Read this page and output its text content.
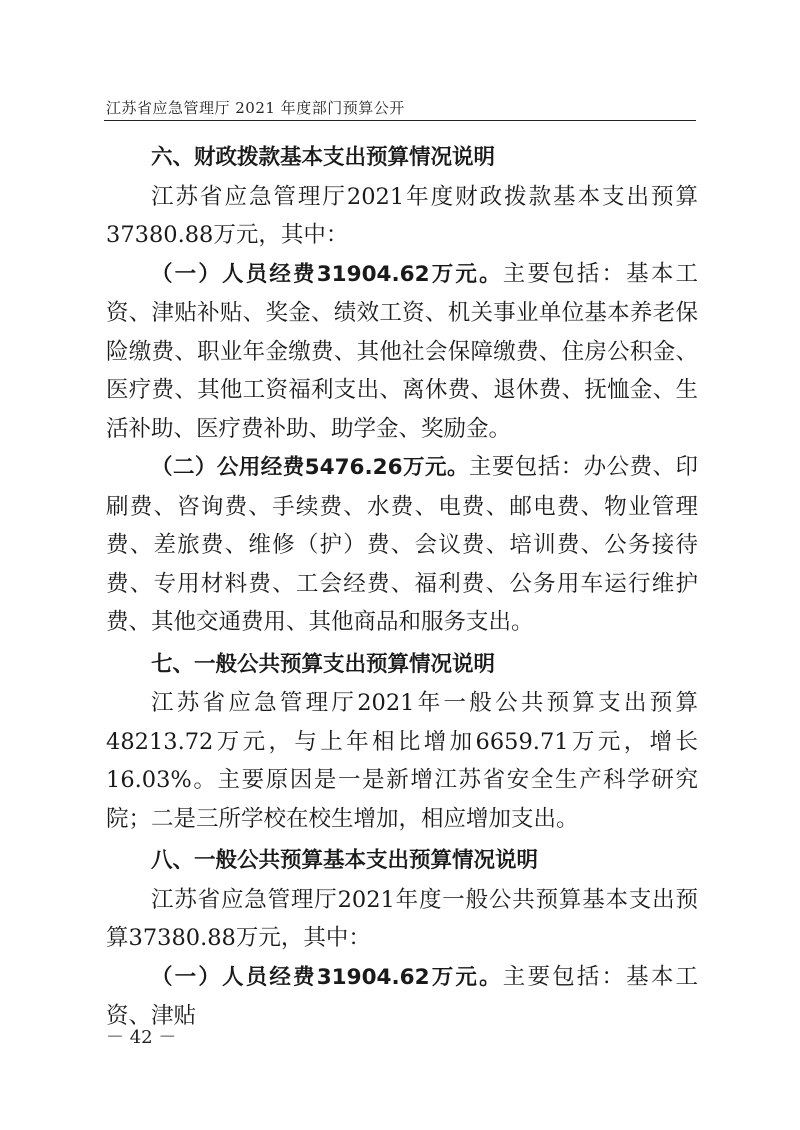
江苏省应急管理厅 2021 年度部门预算公开

六、财政拨款基本支出预算情况说明

江苏省应急管理厅2021年度财政拨款基本支出预算37380.88万元，其中：

（一）人员经费31904.62万元。主要包括：基本工资、津贴补贴、奖金、绩效工资、机关事业单位基本养老保险缴费、职业年金缴费、其他社会保障缴费、住房公积金、医疗费、其他工资福利支出、离休费、退休费、抚恤金、生活补助、医疗费补助、助学金、奖励金。

（二）公用经费5476.26万元。主要包括：办公费、印刷费、咨询费、手续费、水费、电费、邮电费、物业管理费、差旅费、维修（护）费、会议费、培训费、公务接待费、专用材料费、工会经费、福利费、公务用车运行维护费、其他交通费用、其他商品和服务支出。

七、一般公共预算支出预算情况说明

江苏省应急管理厅2021年一般公共预算支出预算48213.72万元，与上年相比增加6659.71万元，增长16.03%。主要原因是一是新增江苏省安全生产科学研究院；二是三所学校在校生增加，相应增加支出。

八、一般公共预算基本支出预算情况说明

江苏省应急管理厅2021年度一般公共预算基本支出预算37380.88万元，其中：

（一）人员经费31904.62万元。主要包括：基本工资、津贴

－ 42 －
